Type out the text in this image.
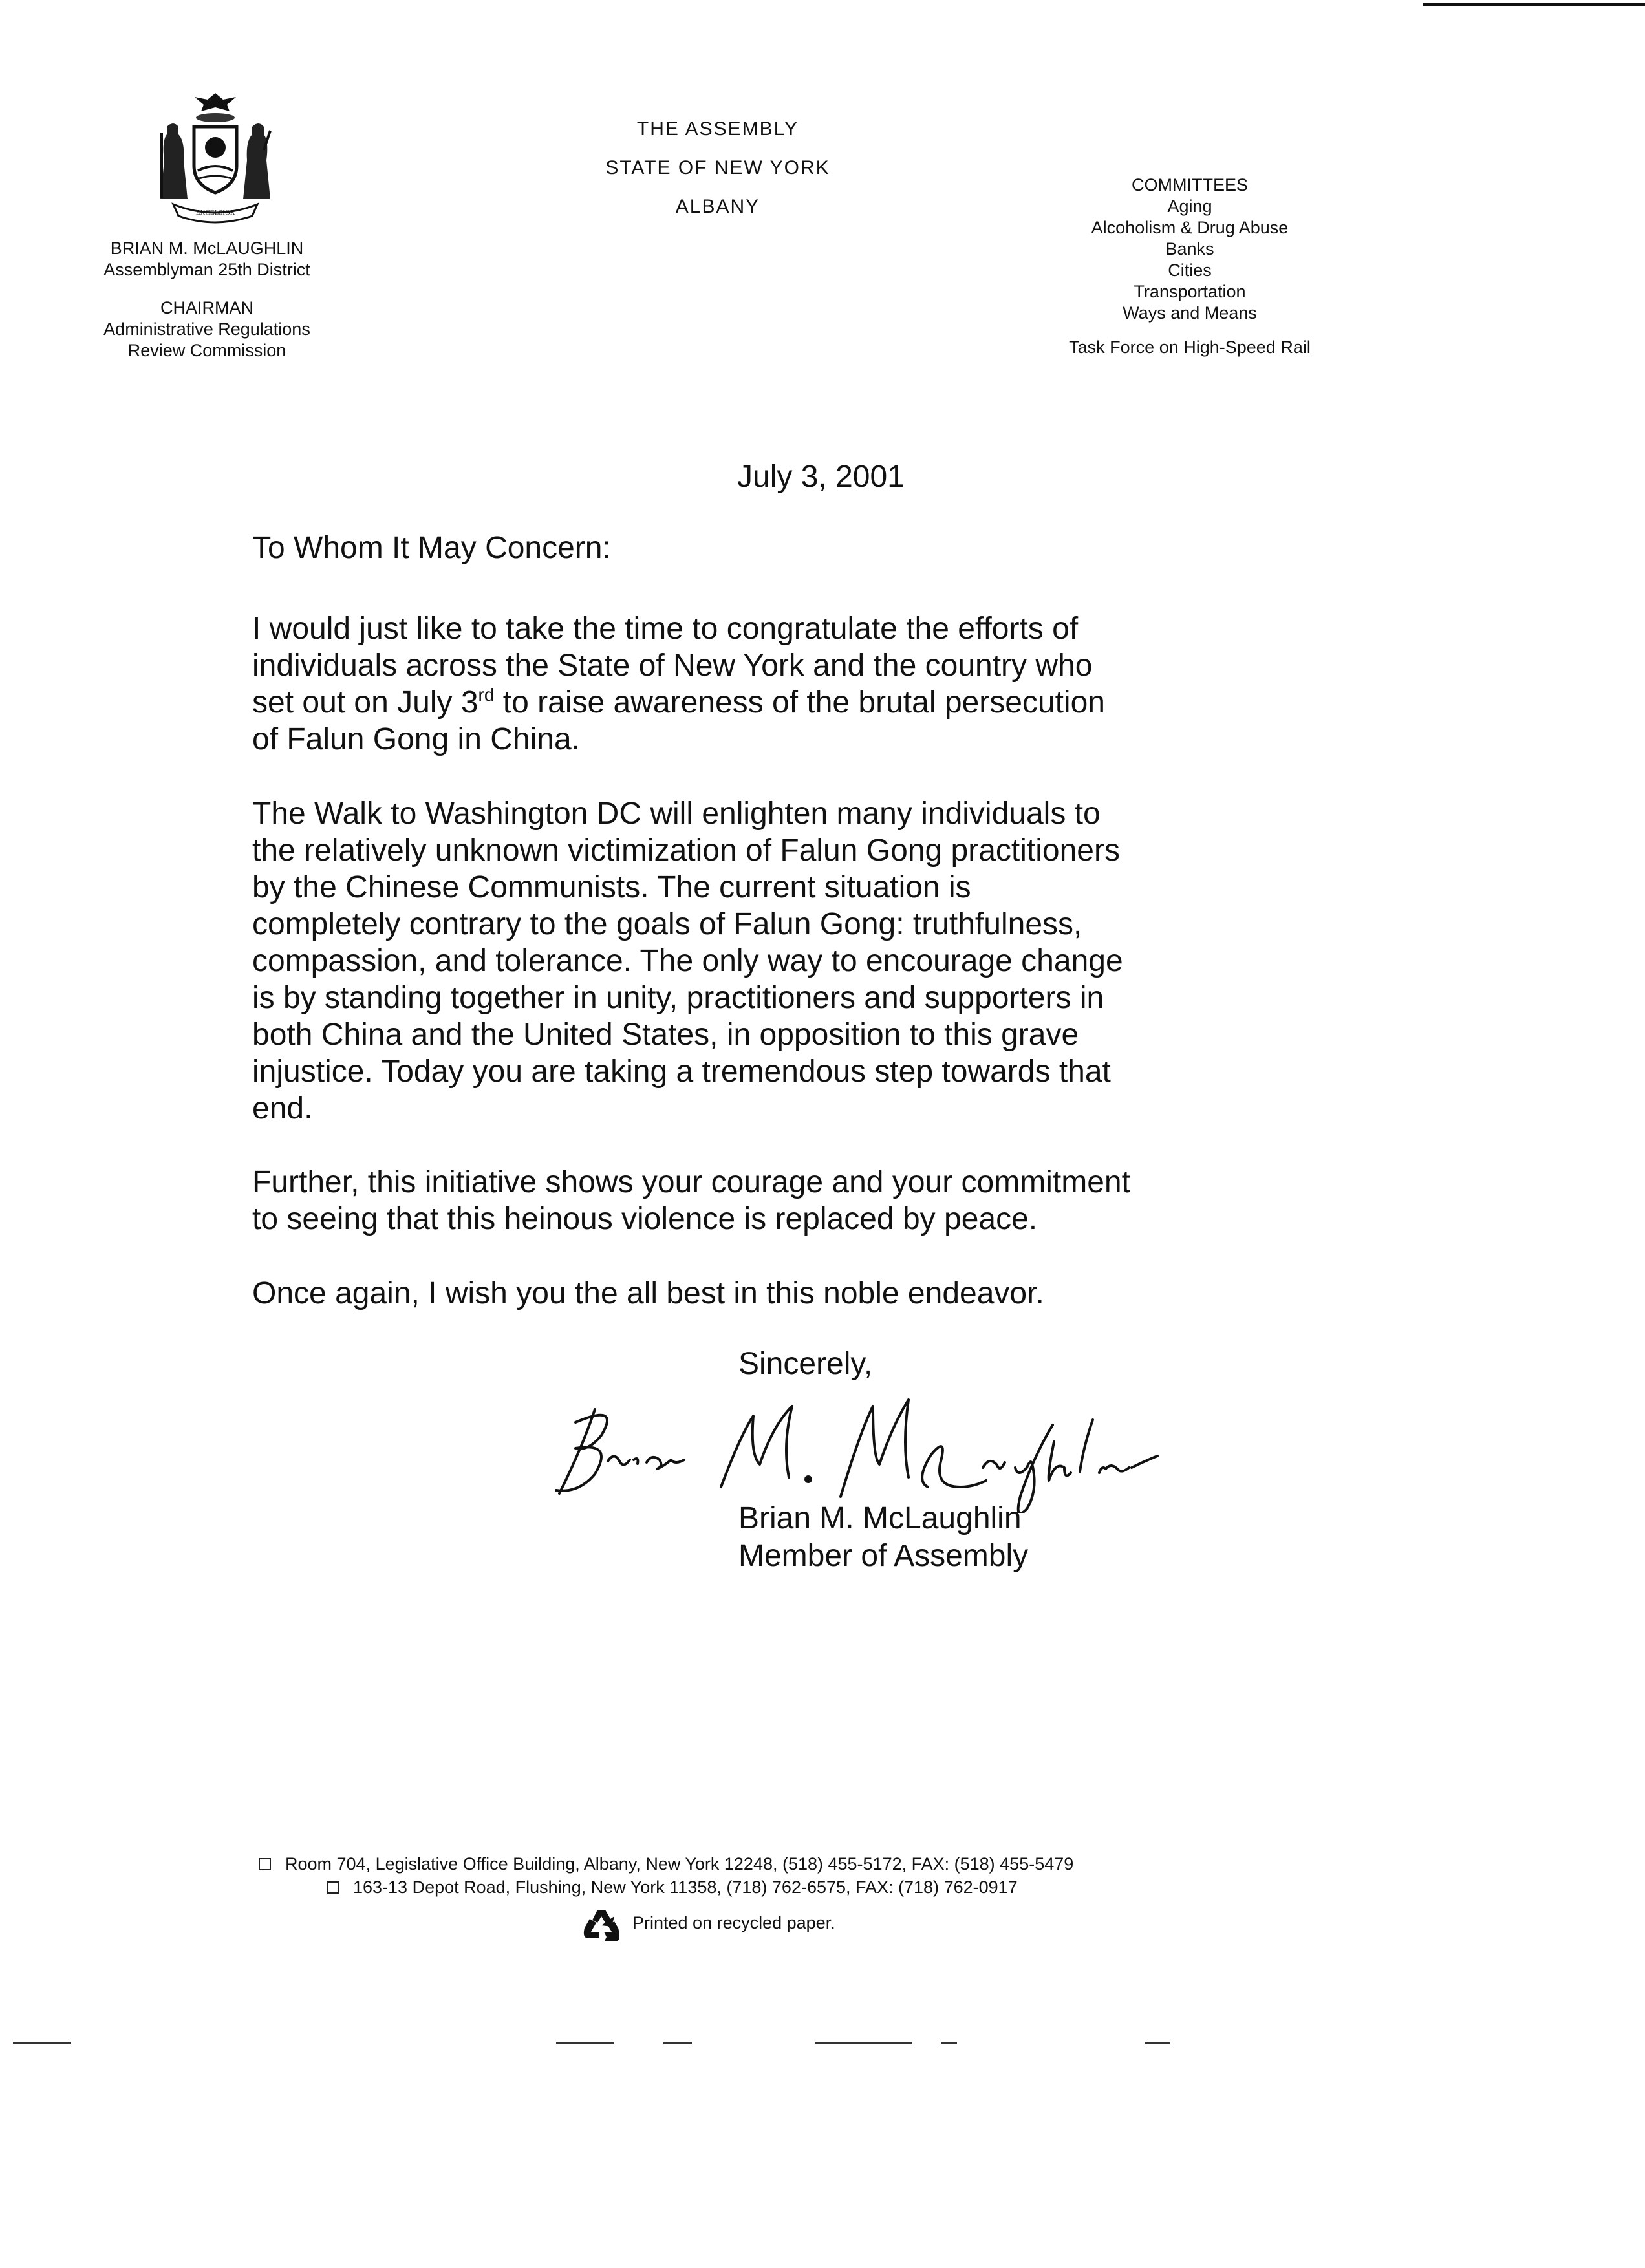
EXCELSIOR
BRIAN M. McLAUGHLIN
Assemblyman 25th District
CHAIRMAN
Administrative Regulations
Review Commission
THE ASSEMBLY
STATE OF NEW YORK
ALBANY
COMMITTEES
Aging
Alcoholism & Drug Abuse
Banks
Cities
Transportation
Ways and Means
Task Force on High-Speed Rail
July 3, 2001
To Whom It May Concern:
I would just like to take the time to congratulate the efforts of
individuals across the State of New York and the country who
set out on July 3rd to raise awareness of the brutal persecution
of Falun Gong in China.
The Walk to Washington DC will enlighten many individuals to
the relatively unknown victimization of Falun Gong practitioners
by the Chinese Communists. The current situation is
completely contrary to the goals of Falun Gong: truthfulness,
compassion, and tolerance. The only way to encourage change
is by standing together in unity, practitioners and supporters in
both China and the United States, in opposition to this grave
injustice. Today you are taking a tremendous step towards that
end.
Further, this initiative shows your courage and your commitment
to seeing that this heinous violence is replaced by peace.
Once again, I wish you the all best in this noble endeavor.
Sincerely,
Brian M. McLaughlin
Member of Assembly
Room 704, Legislative Office Building, Albany, New York 12248, (518) 455-5172, FAX: (518) 455-5479
163-13 Depot Road, Flushing, New York 11358, (718) 762-6575, FAX: (718) 762-0917
Printed on recycled paper.
